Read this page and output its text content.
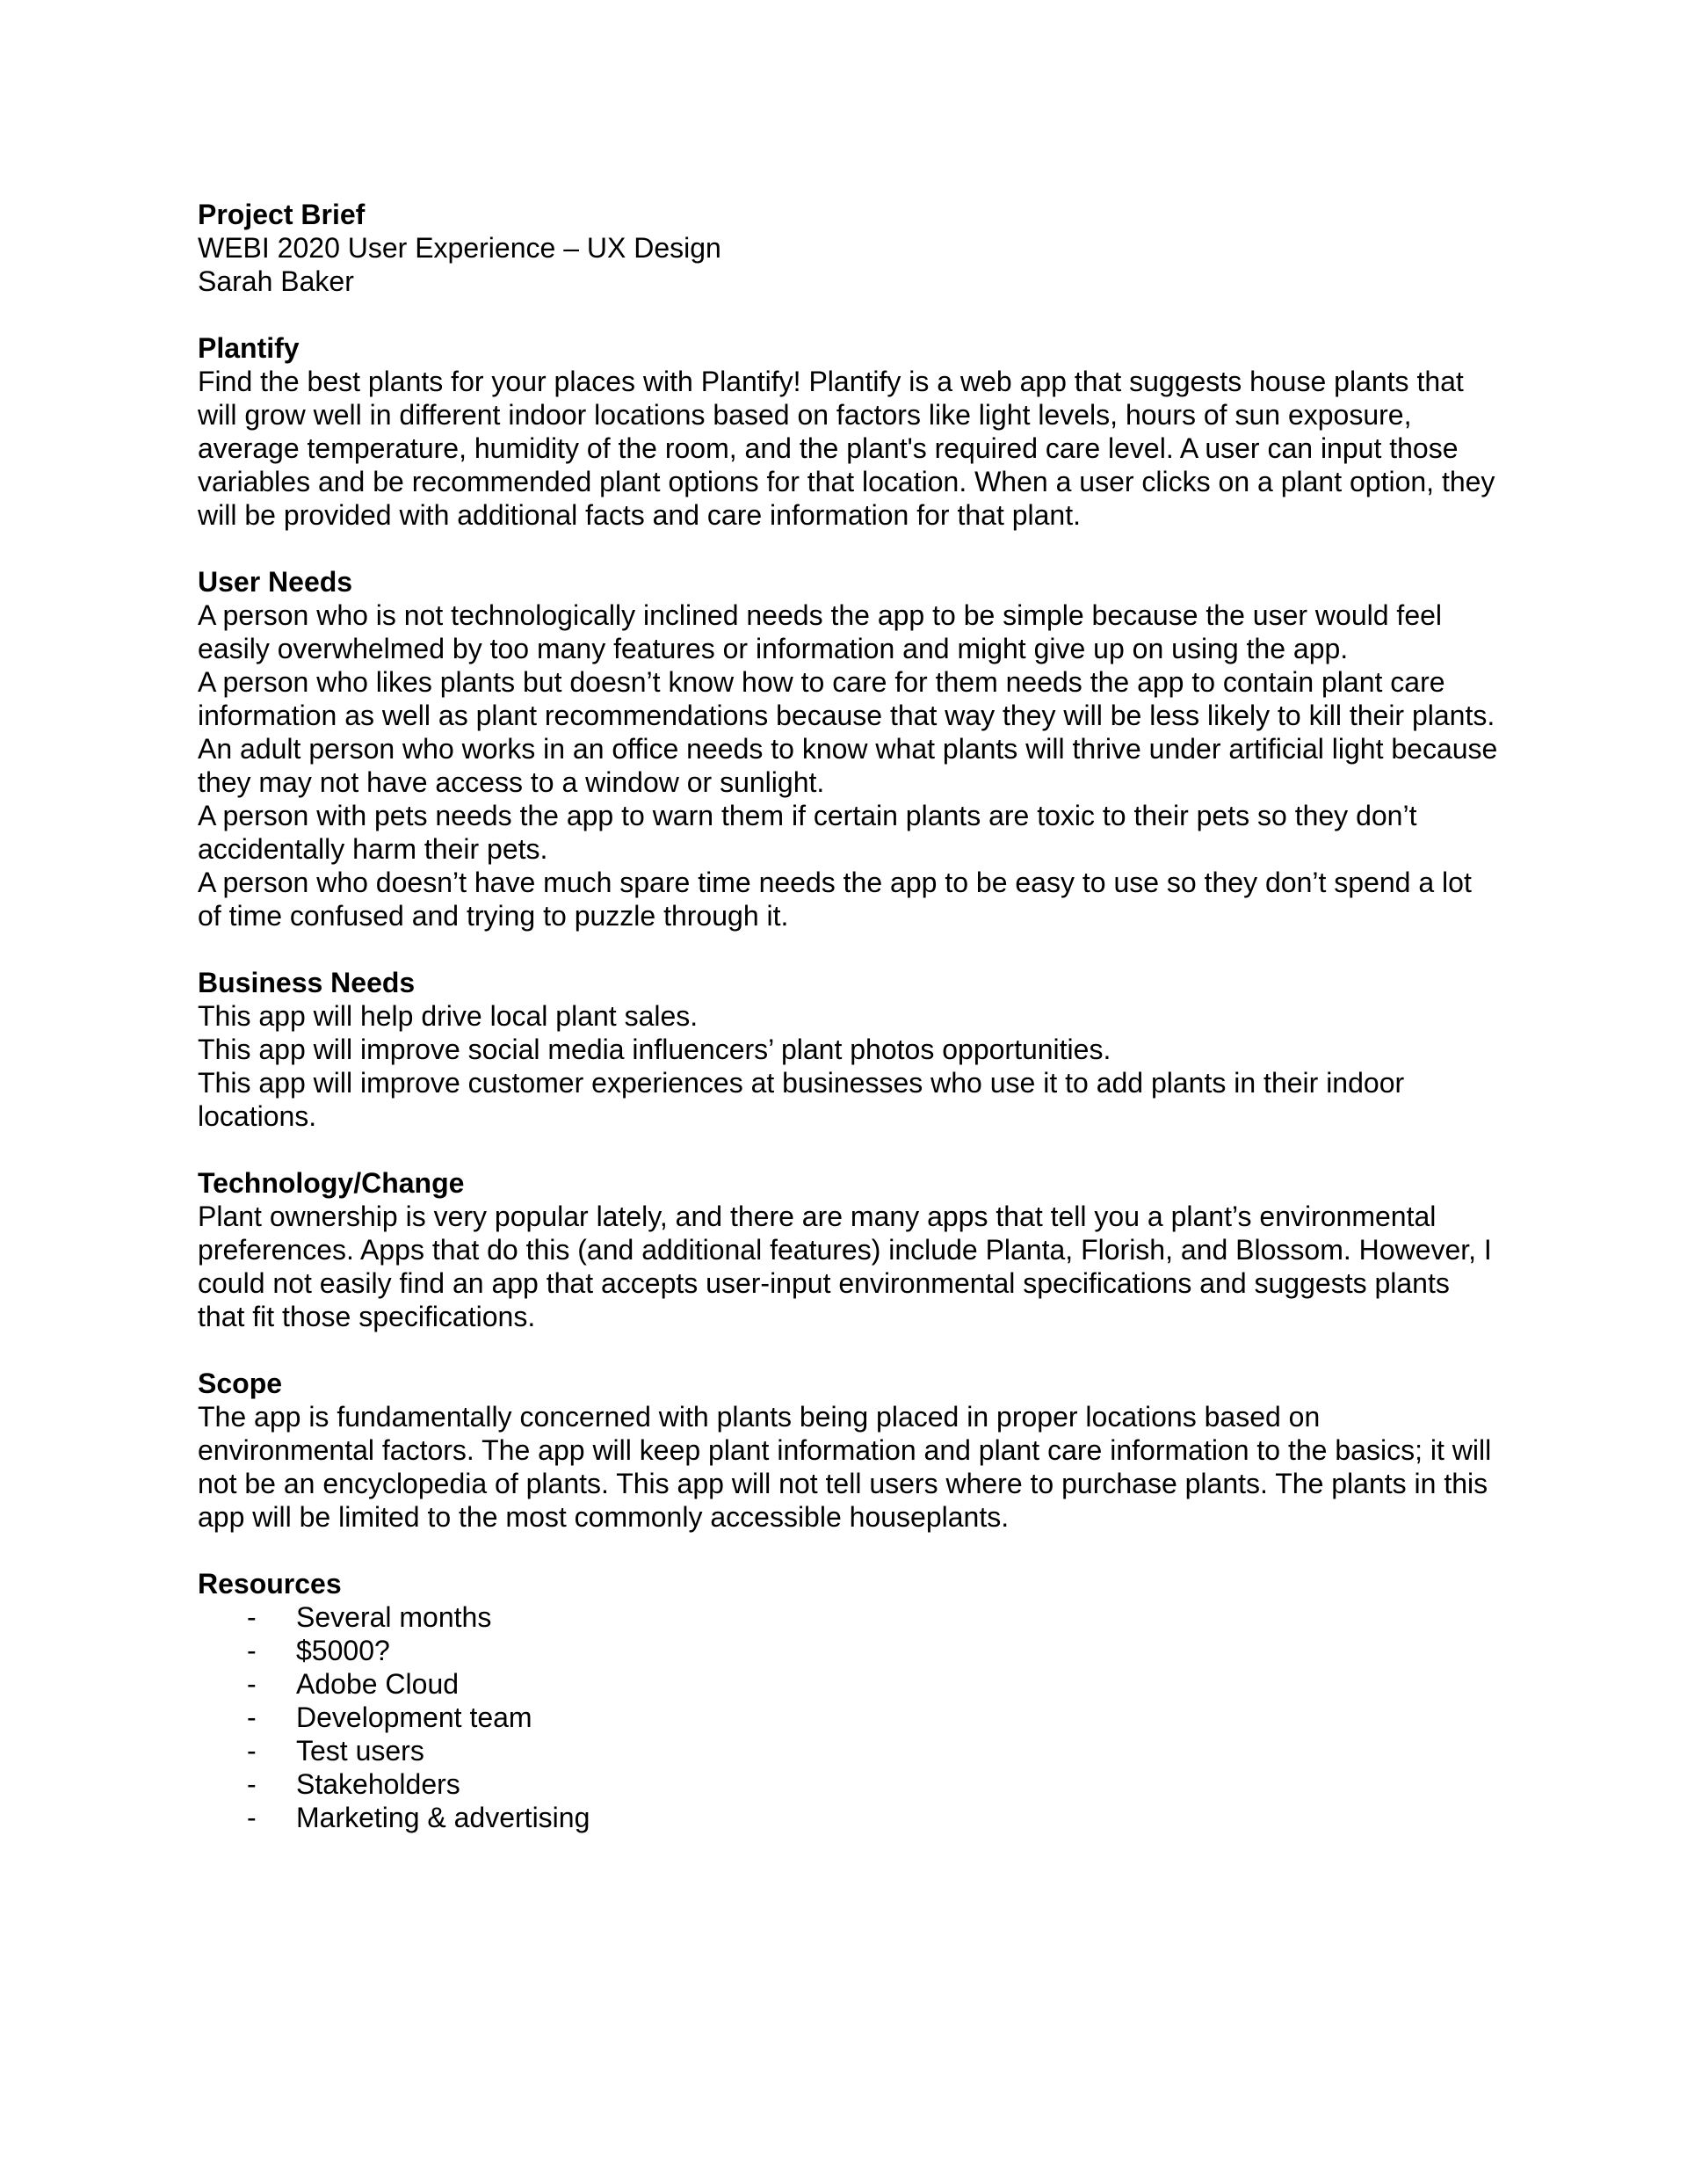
Project Brief

WEBI 2020 User Experience – UX Design

Sarah Baker

Plantify

Find the best plants for your places with Plantify! Plantify is a web app that suggests house plants that will grow well in different indoor locations based on factors like light levels, hours of sun exposure, average temperature, humidity of the room, and the plant's required care level. A user can input those variables and be recommended plant options for that location. When a user clicks on a plant option, they will be provided with additional facts and care information for that plant.

User Needs

A person who is not technologically inclined needs the app to be simple because the user would feel easily overwhelmed by too many features or information and might give up on using the app.

A person who likes plants but doesn’t know how to care for them needs the app to contain plant care information as well as plant recommendations because that way they will be less likely to kill their plants.

An adult person who works in an office needs to know what plants will thrive under artificial light because they may not have access to a window or sunlight.

A person with pets needs the app to warn them if certain plants are toxic to their pets so they don’t accidentally harm their pets.

A person who doesn’t have much spare time needs the app to be easy to use so they don’t spend a lot of time confused and trying to puzzle through it.

Business Needs

This app will help drive local plant sales.

This app will improve social media influencers’ plant photos opportunities.

This app will improve customer experiences at businesses who use it to add plants in their indoor locations.

Technology/Change

Plant ownership is very popular lately, and there are many apps that tell you a plant’s environmental preferences. Apps that do this (and additional features) include Planta, Florish, and Blossom. However, I could not easily find an app that accepts user-input environmental specifications and suggests plants that fit those specifications.

Scope

The app is fundamentally concerned with plants being placed in proper locations based on environmental factors. The app will keep plant information and plant care information to the basics; it will not be an encyclopedia of plants. This app will not tell users where to purchase plants. The plants in this app will be limited to the most commonly accessible houseplants.

Resources

- Several months
- $5000?
- Adobe Cloud
- Development team
- Test users
- Stakeholders
- Marketing & advertising
